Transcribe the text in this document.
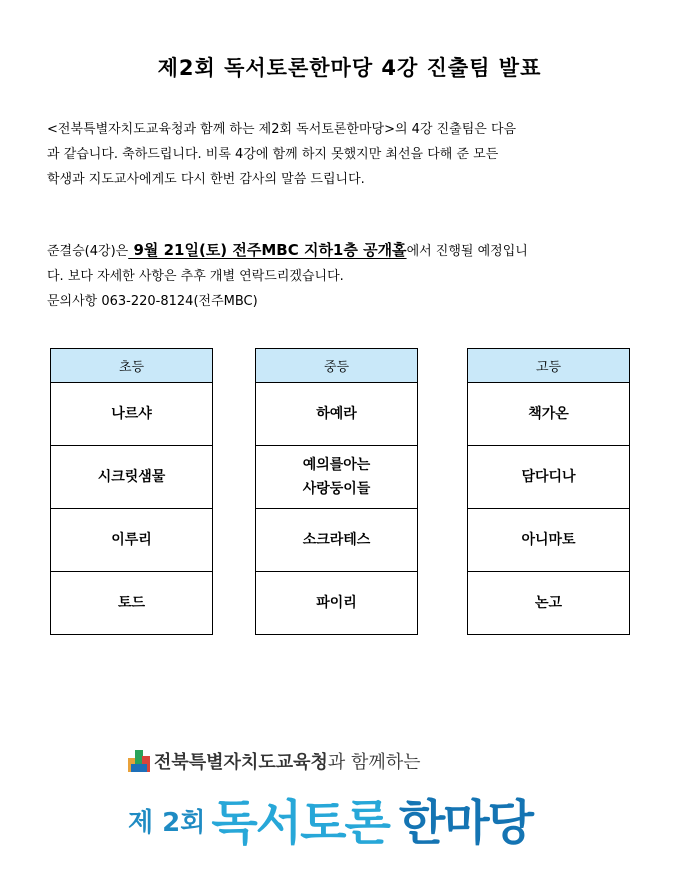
제2회 독서토론한마당 4강 진출팀 발표
<전북특별자치도교육청과 함께 하는 제2회 독서토론한마당>의 4강 진출팀은 다음
과 같습니다. 축하드립니다. 비록 4강에 함께 하지 못했지만 최선을 다해 준 모든
학생과 지도교사에게도 다시 한번 감사의 말씀 드립니다.
준결승(4강)은 9월 21일(토) 전주MBC 지하1층 공개홀에서 진행될 예정입니
다. 보다 자세한 사항은 추후 개별 연락드리겠습니다.
문의사항 063-220-8124(전주MBC)
초등
나르샤
시크릿샘물
이루리
토드
중등
하예라
예의를아는
사랑둥이들
소크라테스
파이리
고등
책가온
담다디나
아니마토
논고
전북특별자치도교육청과 함께하는
제 2회 독서토론 한마당
